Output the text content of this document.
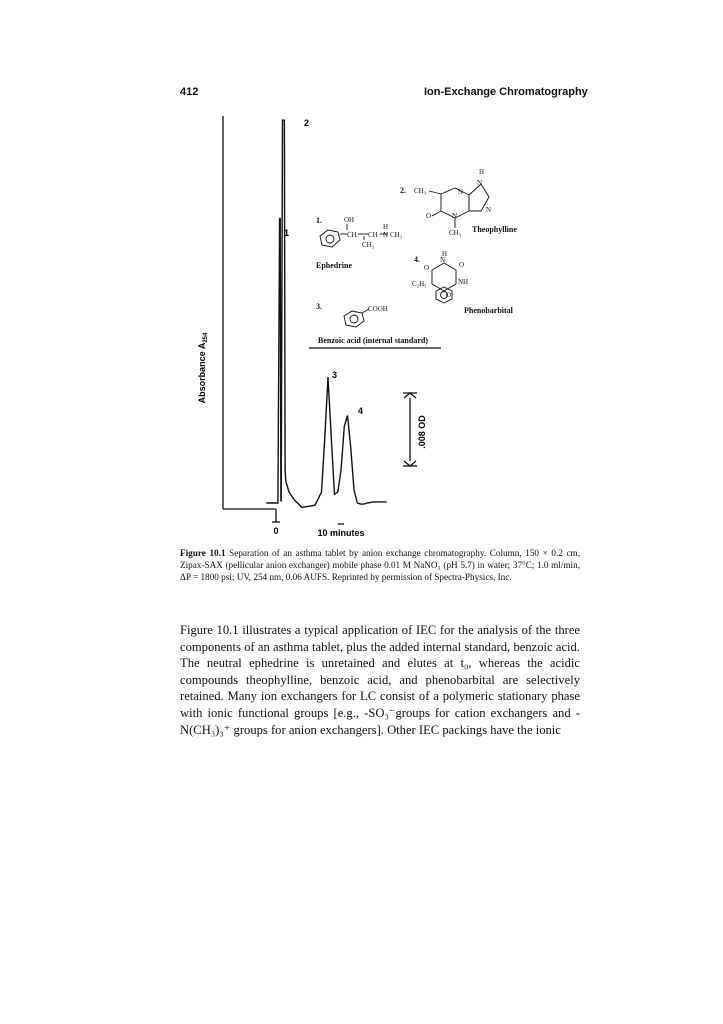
412	Ion-Exchange Chromatography
Absorbance $A_{254}$
0	10 minutes
.008 OD
1
2
3
4
2. CH₃	N
H
N
N
O	N
CH₃ Theophylline
1.	OH
CH CH N
H
CH₃
CH₃
Ephedrine
4.
O
N
H
O
C₂H₅	NH
O
Phenobarbital
3.	COOH
Benzoic acid (internal standard)
Figure 10.1 Separation of an asthma tablet by anion exchange chromatography. Column, 150 × 0.2 cm, Zipax-SAX (pellicular anion exchanger) mobile phase 0.01 M NaNO₃ (pH 5.7) in water; 37°C; 1.0 ml/min, ΔP = 1800 psi; UV, 254 nm, 0.06 AUFS. Reprinted by permission of Spectra-Physics, Inc.

Figure 10.1 illustrates a typical application of IEC for the analysis of the three components of an asthma tablet, plus the added internal standard, benzoic acid. The neutral ephedrine is unretained and elutes at t₀, whereas the acidic compounds theophylline, benzoic acid, and phenobarbital are selectively retained. Many ion exchangers for LC consist of a polymeric stationary phase with ionic functional groups [e.g., -SO₃⁻groups for cation exchangers and -N(CH₃)₃⁺ groups for anion exchangers]. Other IEC packings have the ionic
